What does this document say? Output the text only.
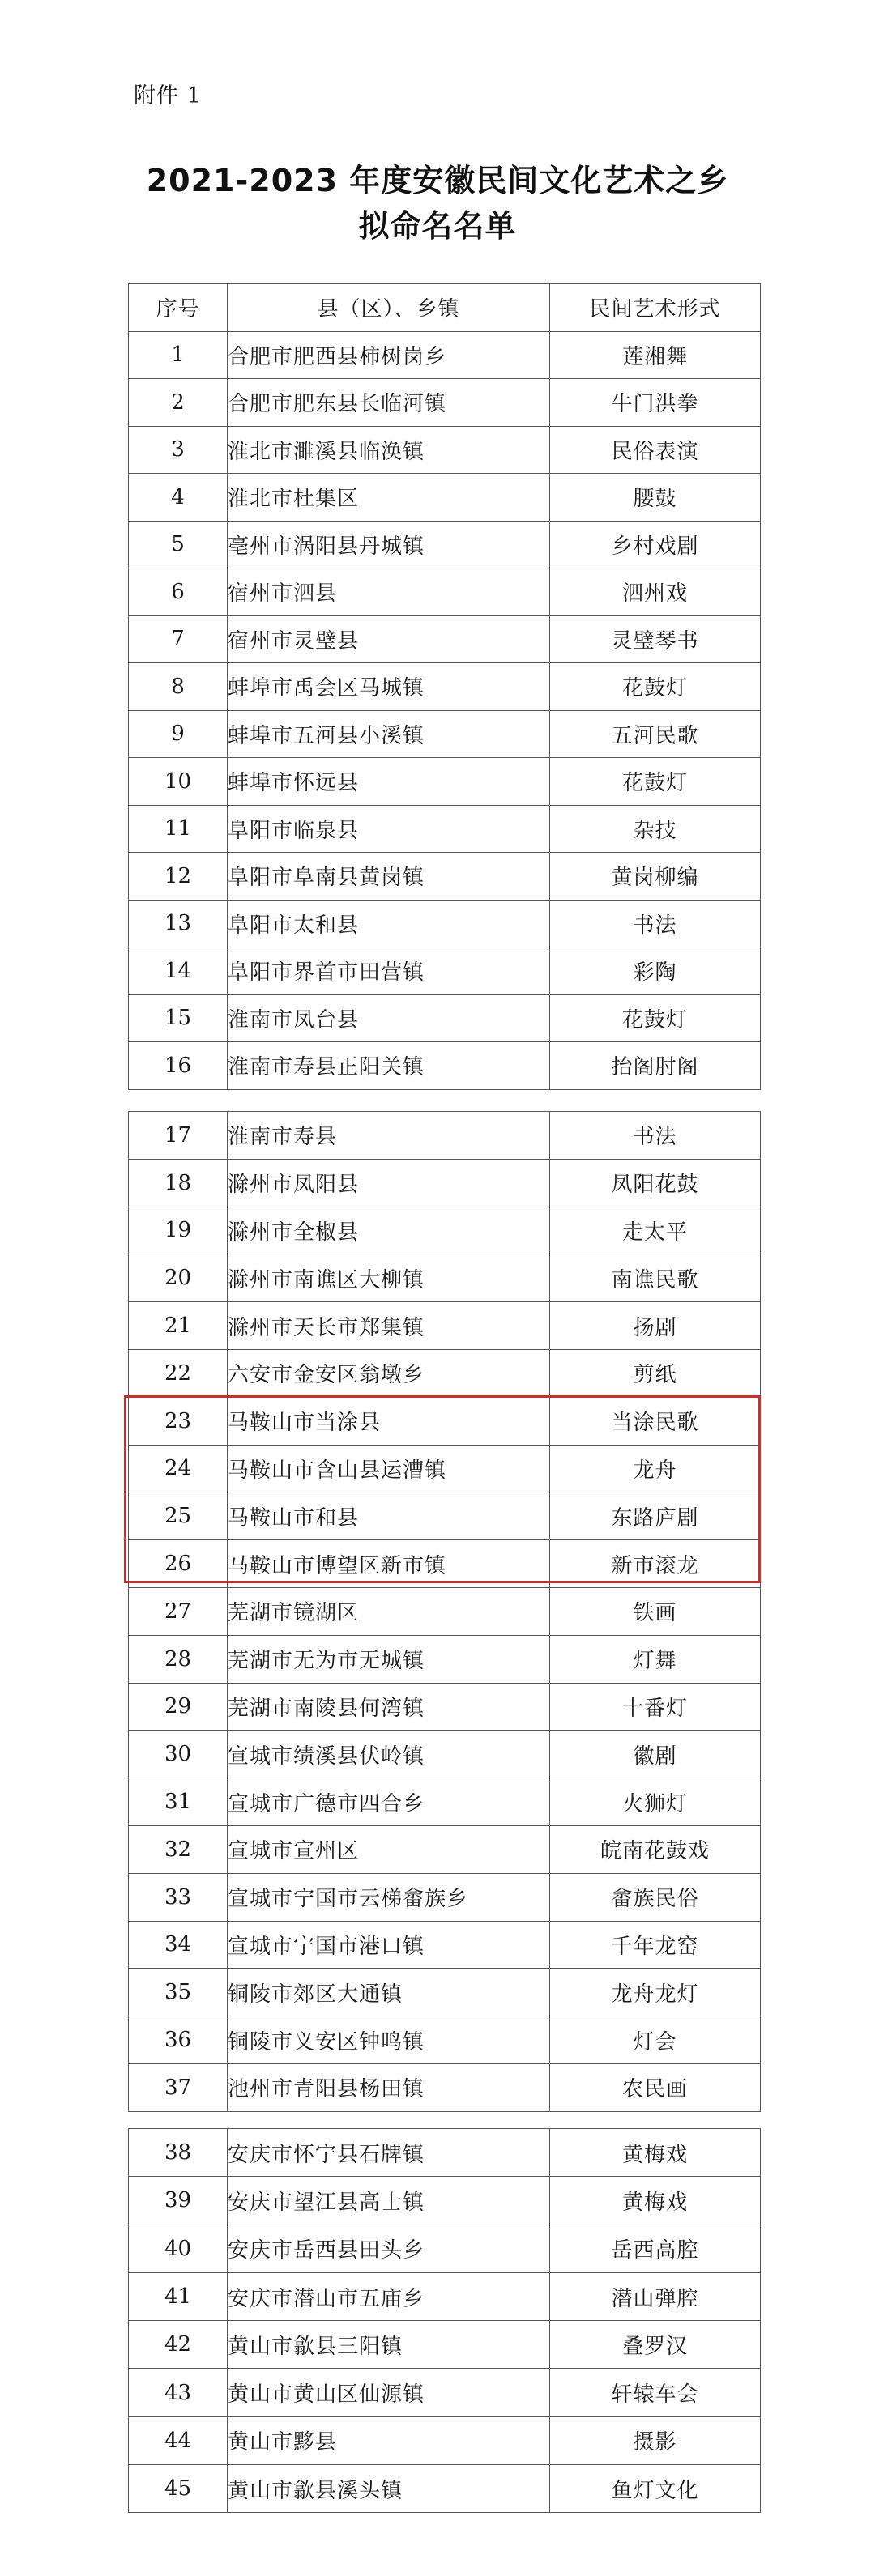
附件 1
2021-2023 年度安徽民间文化艺术之乡
拟命名名单
序号	县（区）、乡镇	民间艺术形式
1	合肥市肥西县柿树岗乡	莲湘舞
2	合肥市肥东县长临河镇	牛门洪拳
3	淮北市濉溪县临涣镇	民俗表演
4	淮北市杜集区	腰鼓
5	亳州市涡阳县丹城镇	乡村戏剧
6	宿州市泗县	泗州戏
7	宿州市灵璧县	灵璧琴书
8	蚌埠市禹会区马城镇	花鼓灯
9	蚌埠市五河县小溪镇	五河民歌
10	蚌埠市怀远县	花鼓灯
11	阜阳市临泉县	杂技
12	阜阳市阜南县黄岗镇	黄岗柳编
13	阜阳市太和县	书法
14	阜阳市界首市田营镇	彩陶
15	淮南市凤台县	花鼓灯
16	淮南市寿县正阳关镇	抬阁肘阁
17	淮南市寿县	书法
18	滁州市凤阳县	凤阳花鼓
19	滁州市全椒县	走太平
20	滁州市南谯区大柳镇	南谯民歌
21	滁州市天长市郑集镇	扬剧
22	六安市金安区翁墩乡	剪纸
23	马鞍山市当涂县	当涂民歌
24	马鞍山市含山县运漕镇	龙舟
25	马鞍山市和县	东路庐剧
26	马鞍山市博望区新市镇	新市滚龙
27	芜湖市镜湖区	铁画
28	芜湖市无为市无城镇	灯舞
29	芜湖市南陵县何湾镇	十番灯
30	宣城市绩溪县伏岭镇	徽剧
31	宣城市广德市四合乡	火狮灯
32	宣城市宣州区	皖南花鼓戏
33	宣城市宁国市云梯畲族乡	畲族民俗
34	宣城市宁国市港口镇	千年龙窑
35	铜陵市郊区大通镇	龙舟龙灯
36	铜陵市义安区钟鸣镇	灯会
37	池州市青阳县杨田镇	农民画
38	安庆市怀宁县石牌镇	黄梅戏
39	安庆市望江县高士镇	黄梅戏
40	安庆市岳西县田头乡	岳西高腔
41	安庆市潜山市五庙乡	潜山弹腔
42	黄山市歙县三阳镇	叠罗汉
43	黄山市黄山区仙源镇	轩辕车会
44	黄山市黟县	摄影
45	黄山市歙县溪头镇	鱼灯文化
